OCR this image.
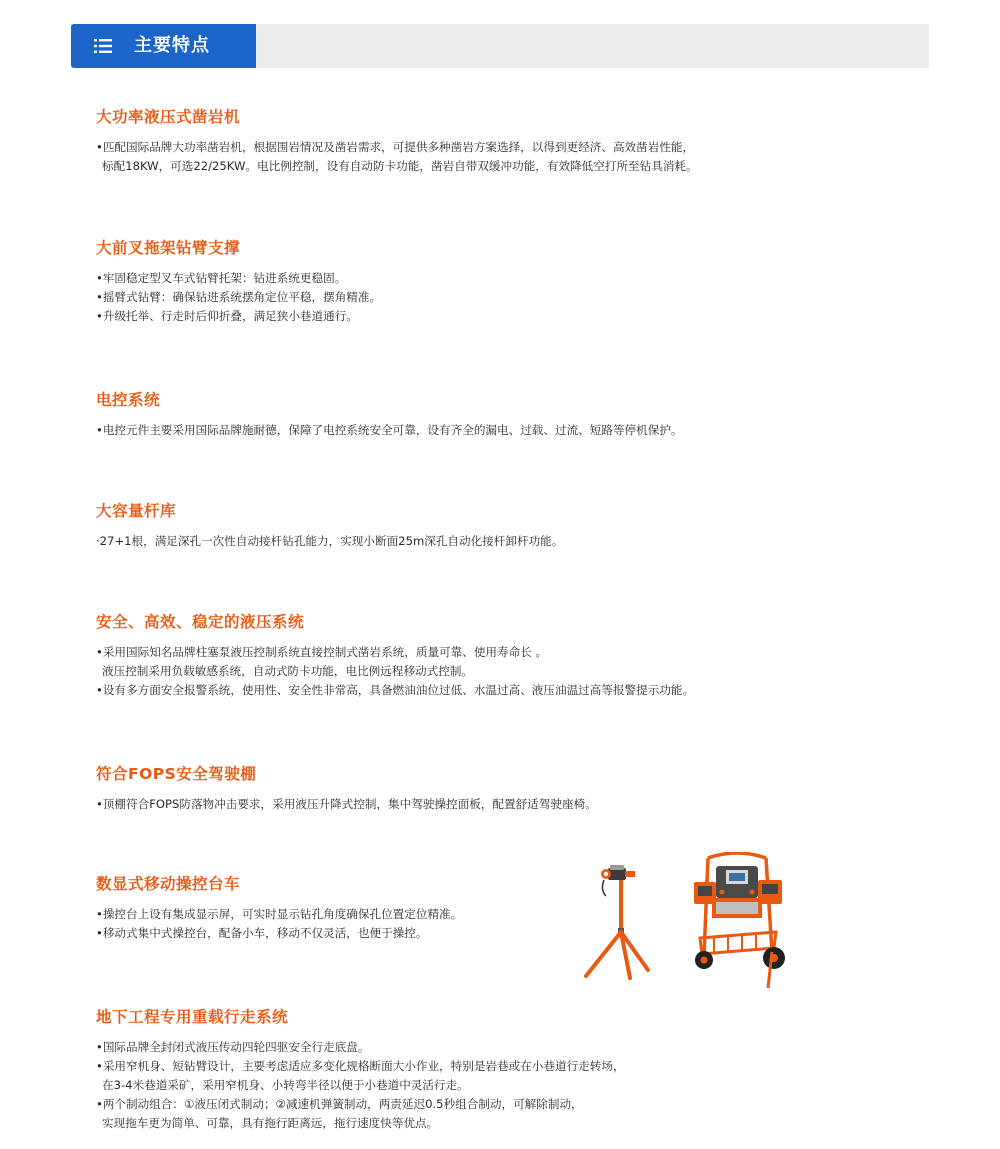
主要特点
大功率液压式凿岩机
•匹配国际品牌大功率凿岩机，根据围岩情况及凿岩需求，可提供多种凿岩方案选择，以得到更经济、高效凿岩性能，
标配18KW，可选22/25KW。电比例控制，设有自动防卡功能，凿岩自带双缓冲功能，有效降低空打所至钻具消耗。
大前叉拖架钻臂支撑
•牢固稳定型叉车式钻臂托架：钻进系统更稳固。
•摇臂式钻臂：确保钻进系统摆角定位平稳，摆角精准。
•升级托举、行走时后仰折叠，满足狭小巷道通行。
电控系统
•电控元件主要采用国际品牌施耐德，保障了电控系统安全可靠，设有齐全的漏电、过载、过流、短路等停机保护。
大容量杆库
·27+1根，满足深孔一次性自动接杆钻孔能力，实现小断面25m深孔自动化接杆卸杆功能。
安全、高效、稳定的液压系统
•采用国际知名品牌柱塞泵液压控制系统直接控制式凿岩系统，质量可靠、使用寿命长 。
液压控制采用负载敏感系统，自动式防卡功能，电比例远程移动式控制。
•设有多方面安全报警系统，使用性、安全性非常高，具备燃油油位过低、水温过高、液压油温过高等报警提示功能。
符合FOPS安全驾驶棚
•顶棚符合FOPS防落物冲击要求，采用液压升降式控制，集中驾驶操控面板，配置舒适驾驶座椅。
数显式移动操控台车
•操控台上设有集成显示屏，可实时显示钻孔角度确保孔位置定位精准。
•移动式集中式操控台，配备小车，移动不仅灵活，也便于操控。
地下工程专用重载行走系统
•国际品牌全封闭式液压传动四轮四驱安全行走底盘。
•采用窄机身、短钻臂设计，主要考虑适应多变化规格断面大小作业，特别是岩巷或在小巷道行走转场，
在3-4米巷道采矿，采用窄机身、小转弯半径以便于小巷道中灵活行走。
•两个制动组合：①液压闭式制动；②减速机弹簧制动，两责延迟0.5秒组合制动，可解除制动，
实现拖车更为简单、可靠，具有拖行距离远，拖行速度快等优点。
